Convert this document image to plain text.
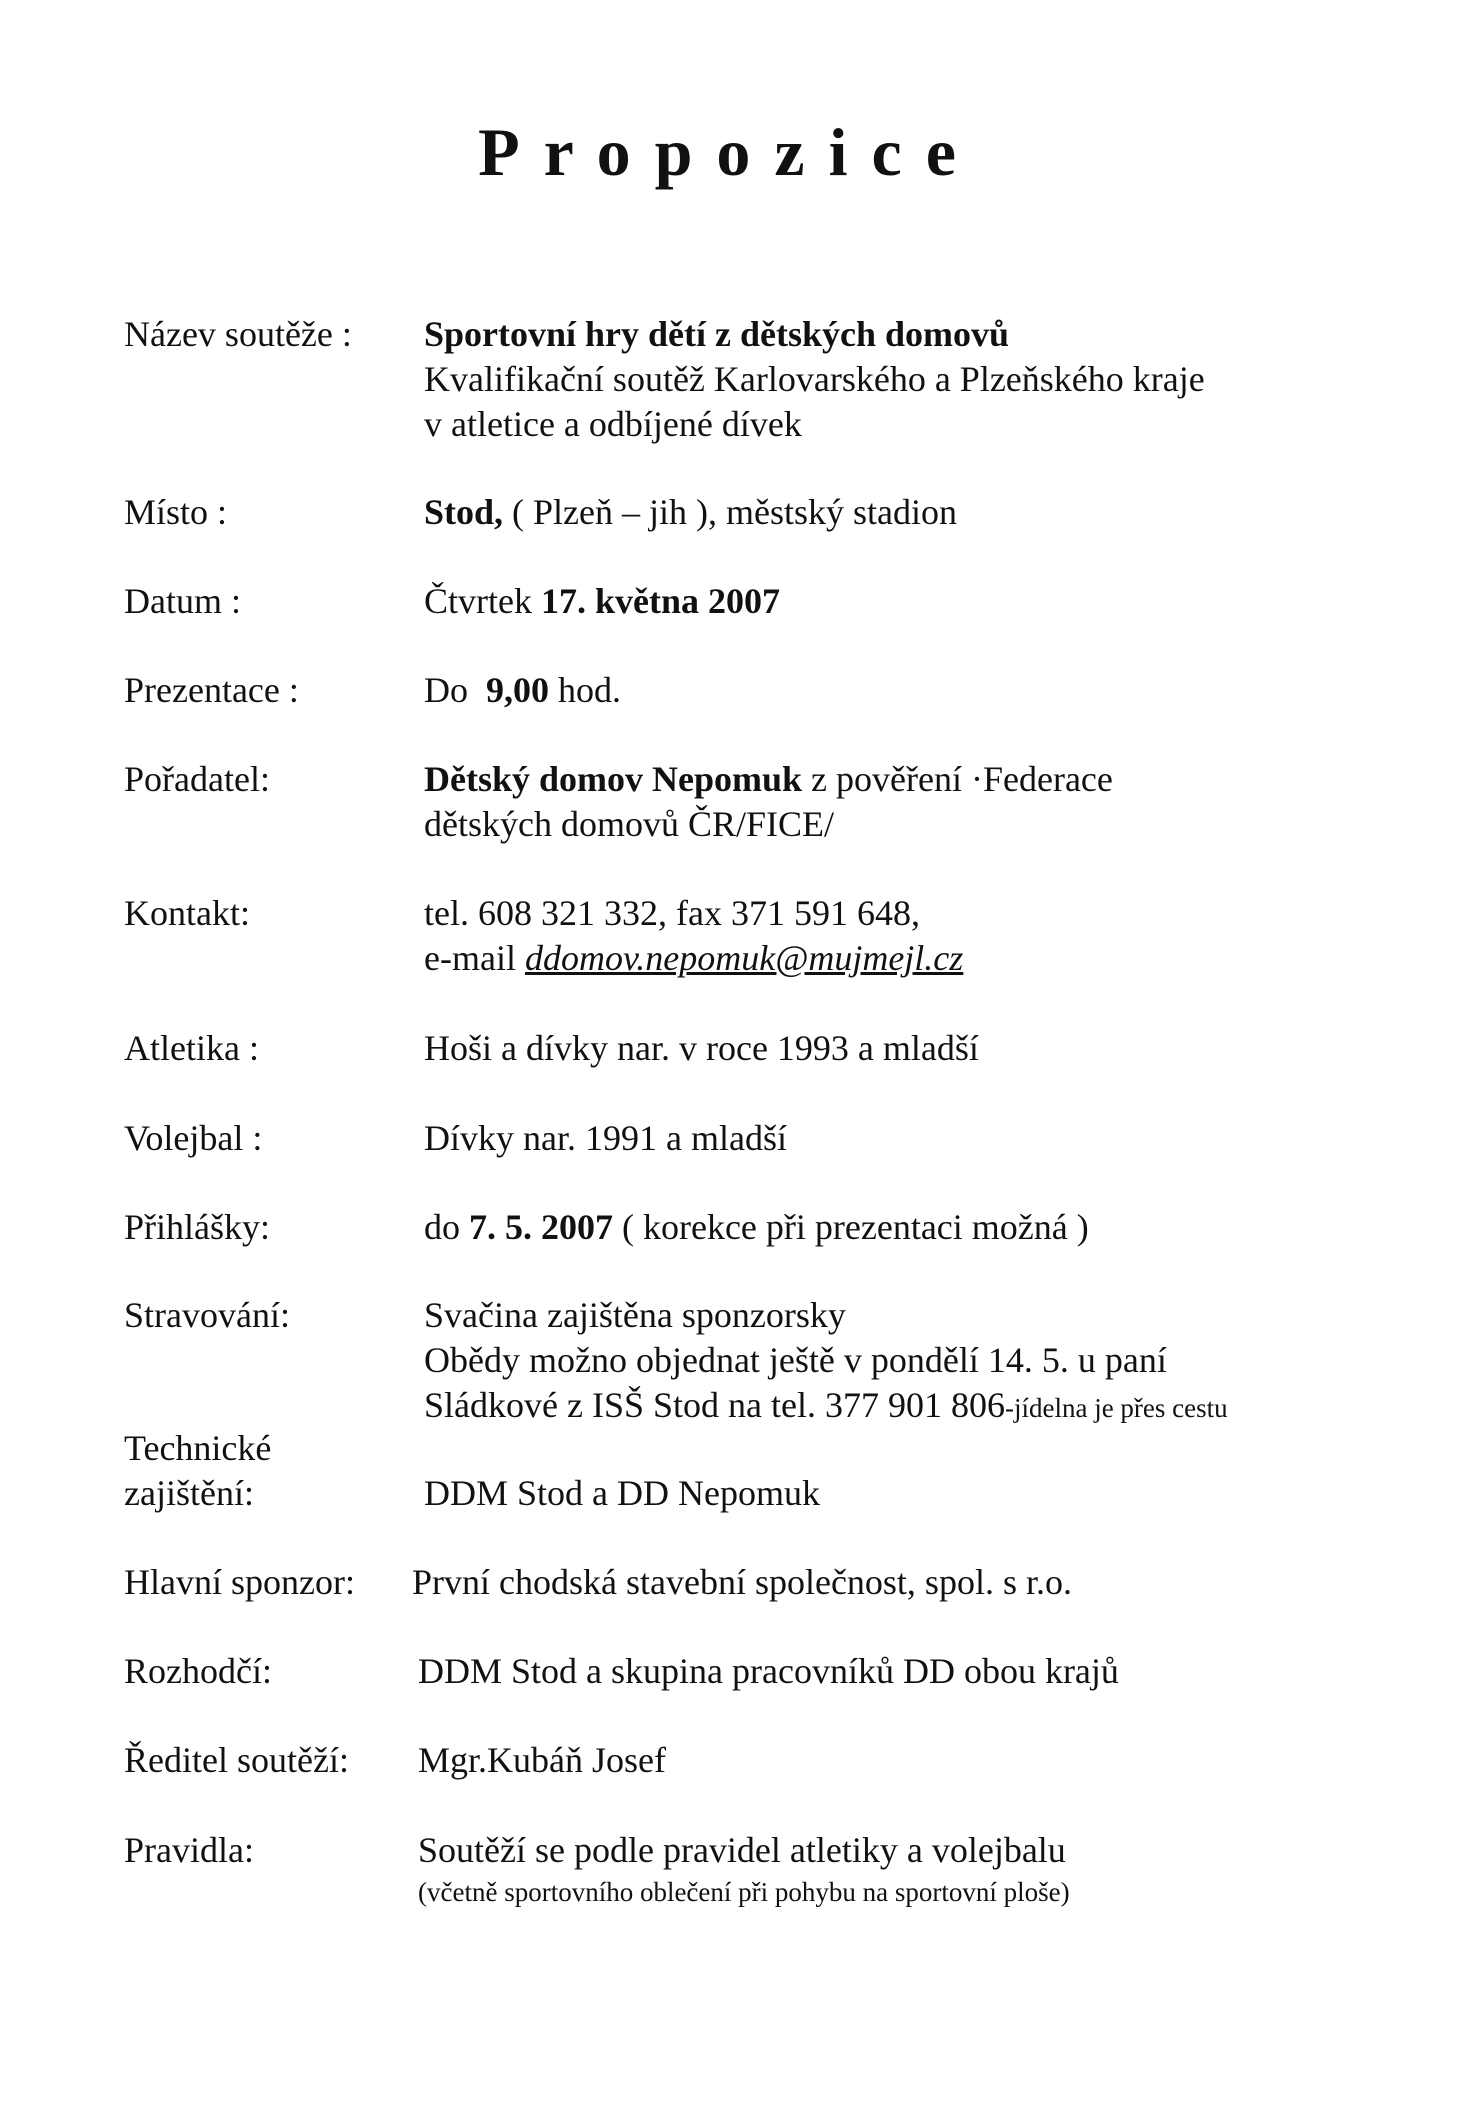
Propozice
Název soutěže : Sportovní hry dětí z dětských domovů
Kvalifikační soutěž Karlovarského a Plzeňského kraje
v atletice a odbíjené dívek
Místo :	Stod, ( Plzeň – jih ), městský stadion
Datum :	Čtvrtek 17. května 2007
Prezentace :	Do  9,00 hod.
Pořadatel:	Dětský domov Nepomuk z pověření ·Federace
dětských domovů ČR/FICE/
Kontakt:	tel. 608 321 332, fax 371 591 648,
e-mail ddomov.nepomuk@mujmejl.cz
Atletika :	Hoši a dívky nar. v roce 1993 a mladší
Volejbal :	Dívky nar. 1991 a mladší
Přihlášky:	do 7. 5. 2007 ( korekce při prezentaci možná )
Stravování:	Svačina zajištěna sponzorsky
Obědy možno objednat ještě v pondělí 14. 5. u paní
Sládkové z ISŠ Stod na tel. 377 901 806-jídelna je přes cestu
Technické
zajištění:	DDM Stod a DD Nepomuk
Hlavní sponzor: První chodská stavební společnost, spol. s r.o.
Rozhodčí:	DDM Stod a skupina pracovníků DD obou krajů
Ředitel soutěží: Mgr.Kubáň Josef
Pravidla:	Soutěží se podle pravidel atletiky a volejbalu
(včetně sportovního oblečení při pohybu na sportovní ploše)
